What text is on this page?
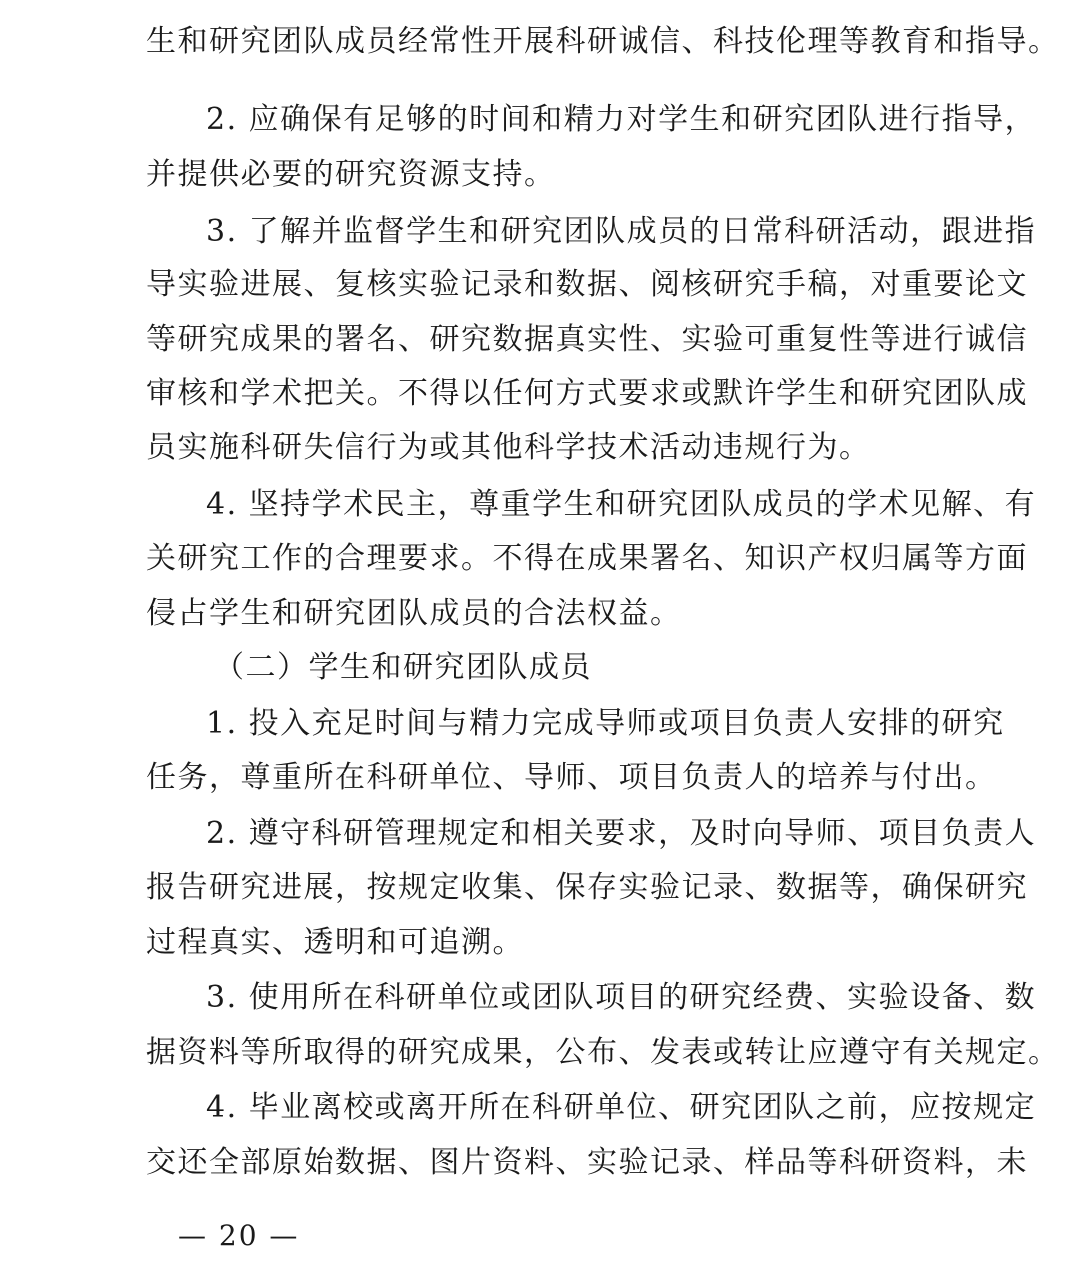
生和研究团队成员经常性开展科研诚信、科技伦理等教育和指导。
2. 应确保有足够的时间和精力对学生和研究团队进行指导，
并提供必要的研究资源支持。
3. 了解并监督学生和研究团队成员的日常科研活动，跟进指
导实验进展、复核实验记录和数据、阅核研究手稿，对重要论文
等研究成果的署名、研究数据真实性、实验可重复性等进行诚信
审核和学术把关。不得以任何方式要求或默许学生和研究团队成
员实施科研失信行为或其他科学技术活动违规行为。
4. 坚持学术民主，尊重学生和研究团队成员的学术见解、有
关研究工作的合理要求。不得在成果署名、知识产权归属等方面
侵占学生和研究团队成员的合法权益。
（二）学生和研究团队成员
1. 投入充足时间与精力完成导师或项目负责人安排的研究
任务，尊重所在科研单位、导师、项目负责人的培养与付出。
2. 遵守科研管理规定和相关要求，及时向导师、项目负责人
报告研究进展，按规定收集、保存实验记录、数据等，确保研究
过程真实、透明和可追溯。
3. 使用所在科研单位或团队项目的研究经费、实验设备、数
据资料等所取得的研究成果，公布、发表或转让应遵守有关规定。
4. 毕业离校或离开所在科研单位、研究团队之前，应按规定
交还全部原始数据、图片资料、实验记录、样品等科研资料，未
— 20 —
